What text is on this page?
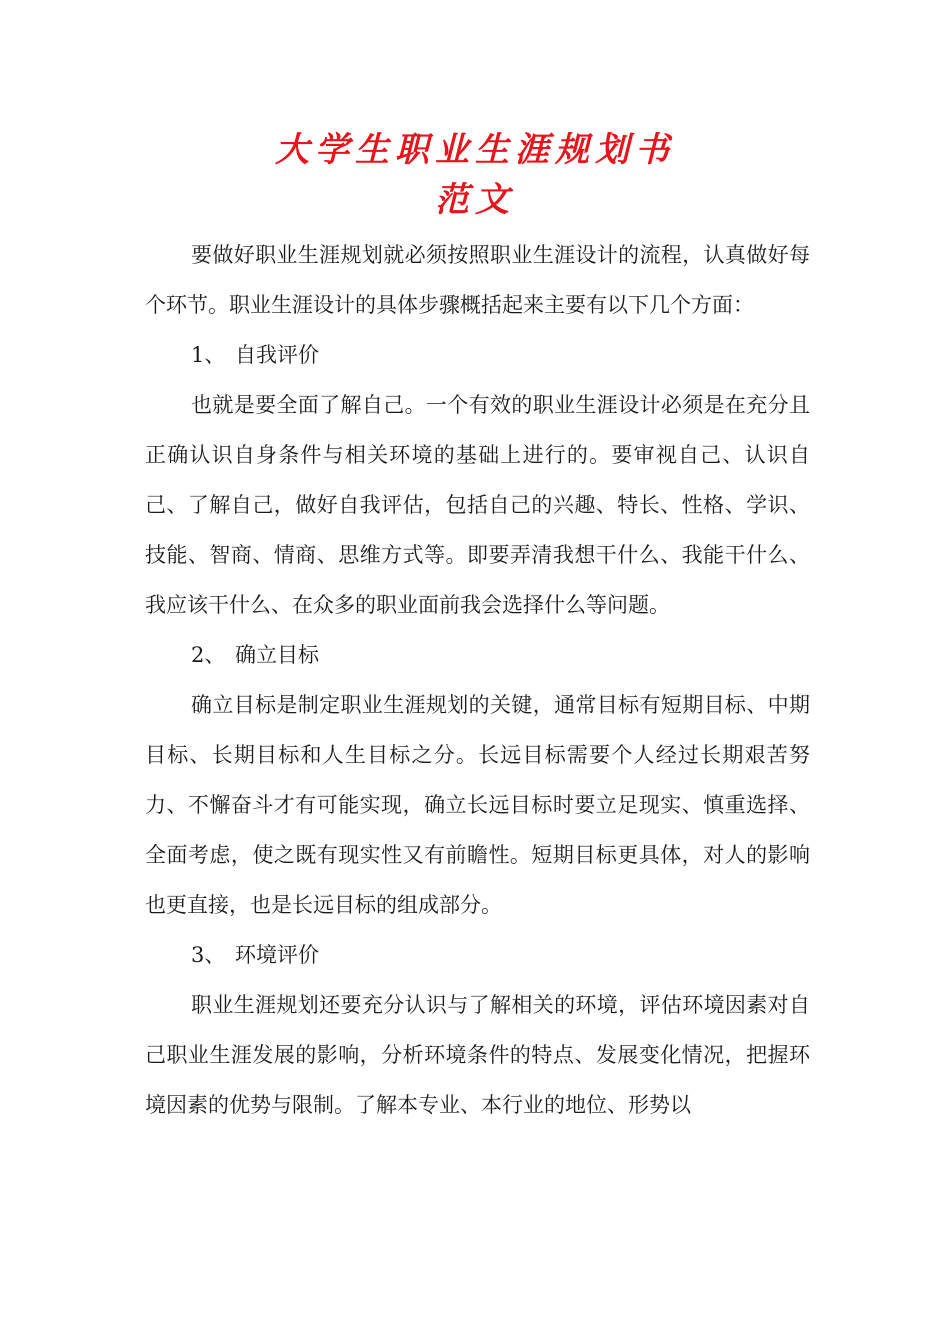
大学生职业生涯规划书
范文

要做好职业生涯规划就必须按照职业生涯设计的流程，认真做好每个环节。职业生涯设计的具体步骤概括起来主要有以下几个方面：

1、 自我评价

也就是要全面了解自己。一个有效的职业生涯设计必须是在充分且正确认识自身条件与相关环境的基础上进行的。要审视自己、认识自己、了解自己，做好自我评估，包括自己的兴趣、特长、性格、学识、技能、智商、情商、思维方式等。即要弄清我想干什么、我能干什么、我应该干什么、在众多的职业面前我会选择什么等问题。

2、 确立目标

确立目标是制定职业生涯规划的关键，通常目标有短期目标、中期目标、长期目标和人生目标之分。长远目标需要个人经过长期艰苦努力、不懈奋斗才有可能实现，确立长远目标时要立足现实、慎重选择、全面考虑，使之既有现实性又有前瞻性。短期目标更具体，对人的影响也更直接，也是长远目标的组成部分。

3、 环境评价

职业生涯规划还要充分认识与了解相关的环境，评估环境因素对自己职业生涯发展的影响，分析环境条件的特点、发展变化情况，把握环境因素的优势与限制。了解本专业、本行业的地位、形势以
